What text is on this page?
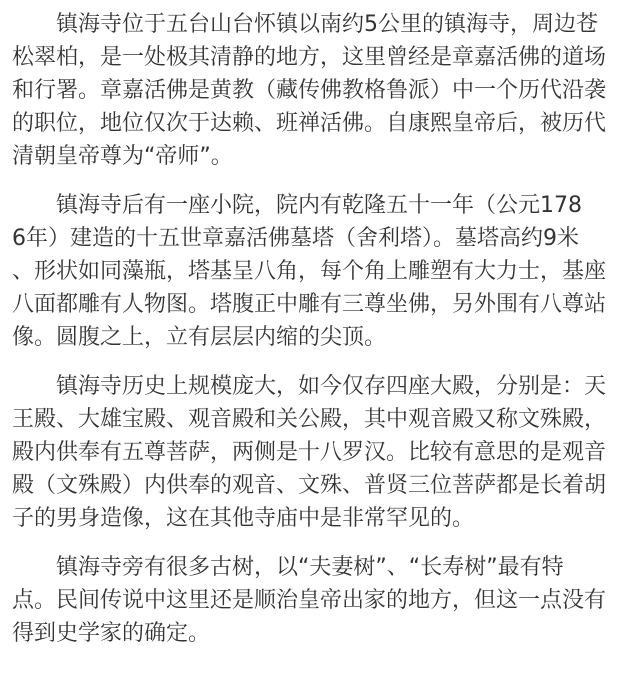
镇海寺位于五台山台怀镇以南约5公里的镇海寺，周边苍
松翠柏，是一处极其清静的地方，这里曾经是章嘉活佛的道场
和行署。章嘉活佛是黄教（藏传佛教格鲁派）中一个历代沿袭
的职位，地位仅次于达赖、班禅活佛。自康熙皇帝后，被历代
清朝皇帝尊为“帝师”。

镇海寺后有一座小院，院内有乾隆五十一年（公元178
6年）建造的十五世章嘉活佛墓塔（舍利塔）。墓塔高约9米
、形状如同藻瓶，塔基呈八角，每个角上雕塑有大力士，基座
八面都雕有人物图。塔腹正中雕有三尊坐佛，另外围有八尊站
像。圆腹之上，立有层层内缩的尖顶。

镇海寺历史上规模庞大，如今仅存四座大殿，分别是：天
王殿、大雄宝殿、观音殿和关公殿，其中观音殿又称文殊殿，
殿内供奉有五尊菩萨，两侧是十八罗汉。比较有意思的是观音
殿（文殊殿）内供奉的观音、文殊、普贤三位菩萨都是长着胡
子的男身造像，这在其他寺庙中是非常罕见的。

镇海寺旁有很多古树，以“夫妻树”、“长寿树”最有特
点。民间传说中这里还是顺治皇帝出家的地方，但这一点没有
得到史学家的确定。
